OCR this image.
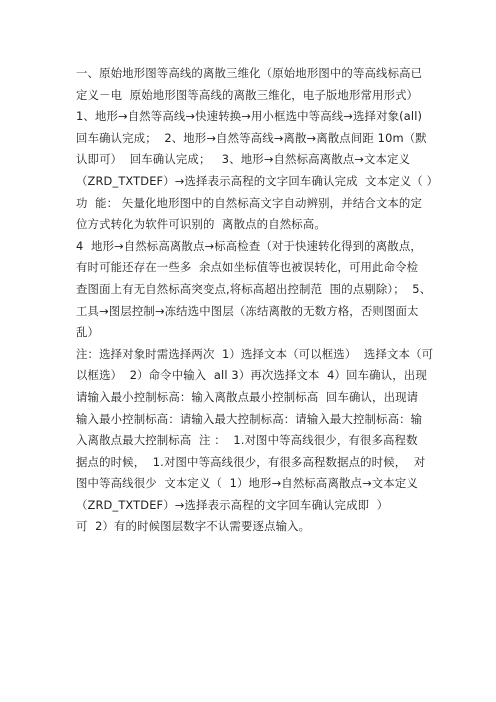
一、原始地形图等高线的离散三维化（原始地形图中的等高线标高已
定义－电  原始地形图等高线的离散三维化，电子版地形常用形式）
1、地形→自然等高线→快速转换→用小框选中等高线→选择对象(all)
回车确认完成；  2、地形→自然等高线→离散→离散点间距 10m（默
认即可）  回车确认完成；   3、地形→自然标高离散点→文本定义
（ZRD_TXTDEF）→选择表示高程的文字回车确认完成  文本定义（ ）
功  能： 矢量化地形图中的自然标高文字自动辨别，并结合文本的定
位方式转化为软件可识别的  离散点的自然标高。
4  地形→自然标高离散点→标高检查（对于快速转化得到的离散点，
有时可能还存在一些多  余点如坐标值等也被误转化，可用此命令检
查图面上有无自然标高突变点,将标高超出控制范  围的点剔除）；  5、
工具→图层控制→冻结选中图层（冻结离散的无数方格，否则图面太
乱）
注：选择对象时需选择两次  1）选择文本（可以框选）  选择文本（可
以框选）  2）命令中输入  all 3）再次选择文本  4）回车确认，出现
请输入最小控制标高：输入离散点最小控制标高  回车确认，出现请
输入最小控制标高：请输入最大控制标高：请输入最大控制标高：输
入离散点最大控制标高  注 ：  1.对图中等高线很少，有很多高程数
据点的时候，  1.对图中等高线很少，有很多高程数据点的时候，  对
图中等高线很少  文本定义（  1）地形→自然标高离散点→文本定义
（ZRD_TXTDEF）→选择表示高程的文字回车确认完成即  ）
可  2）有的时候图层数字不认需要逐点输入。
